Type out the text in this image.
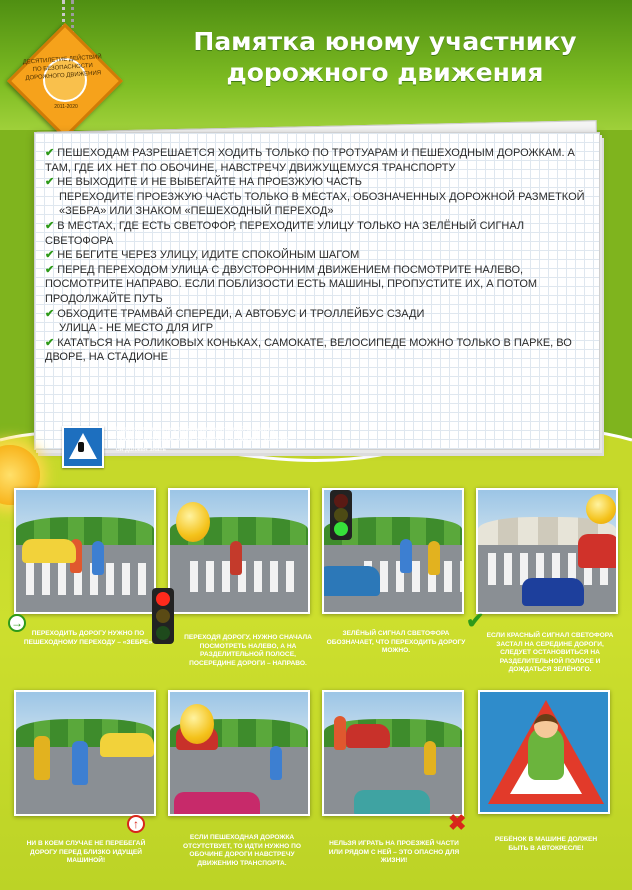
ДЕСЯТИЛЕТИЕ ДЕЙСТВИЙ ПО БЕЗОПАСНОСТИ ДОРОЖНОГО ДВИЖЕНИЯ
2011-2020
Памятка юному участнику
дорожного движения
✔ ПЕШЕХОДАМ РАЗРЕШАЕТСЯ ХОДИТЬ ТОЛЬКО ПО ТРОТУАРАМ И ПЕШЕХОДНЫМ ДОРОЖКАМ. А ТАМ, ГДЕ ИХ НЕТ ПО ОБОЧИНЕ, НАВСТРЕЧУ ДВИЖУЩЕМУСЯ ТРАНСПОРТУ
✔ НЕ ВЫХОДИТЕ И НЕ ВЫБЕГАЙТЕ НА ПРОЕЗЖУЮ ЧАСТЬ
ПЕРЕХОДИТЕ ПРОЕЗЖУЮ ЧАСТЬ ТОЛЬКО В МЕСТАХ, ОБОЗНАЧЕННЫХ ДОРОЖНОЙ РАЗМЕТКОЙ «ЗЕБРА» ИЛИ ЗНАКОМ «ПЕШЕХОДНЫЙ ПЕРЕХОД»
✔ В МЕСТАХ, ГДЕ ЕСТЬ СВЕТОФОР, ПЕРЕХОДИТЕ УЛИЦУ ТОЛЬКО НА ЗЕЛЁНЫЙ СИГНАЛ СВЕТОФОРА
✔ НЕ БЕГИТЕ ЧЕРЕЗ УЛИЦУ, ИДИТЕ СПОКОЙНЫМ ШАГОМ
✔ ПЕРЕД ПЕРЕХОДОМ УЛИЦА С ДВУСТОРОННИМ ДВИЖЕНИЕМ ПОСМОТРИТЕ НАЛЕВО, ПОСМОТРИТЕ НАПРАВО. ЕСЛИ ПОБЛИЗОСТИ ЕСТЬ МАШИНЫ, ПРОПУСТИТЕ ИХ, А ПОТОМ ПРОДОЛЖАЙТЕ ПУТЬ
✔ ОБХОДИТЕ ТРАМВАЙ СПЕРЕДИ, А АВТОБУС И ТРОЛЛЕЙБУС СЗАДИ
УЛИЦА - НЕ МЕСТО ДЛЯ ИГР
✔ КАТАТЬСЯ НА РОЛИКОВЫХ КОНЬКАХ, САМОКАТЕ, ВЕЛОСИПЕДЕ МОЖНО ТОЛЬКО В ПАРКЕ, ВО ДВОРЕ, НА СТАДИОНЕ
Нарисуйте вместе с ребёнком безопасный маршрут. Укажите дорожные знаки, разметку и остановки, которые он должен знать
→
ПЕРЕХОДИТЬ ДОРОГУ НУЖНО ПО ПЕШЕХОДНОМУ ПЕРЕХОДУ – «ЗЕБРЕ»
ПЕРЕХОДЯ ДОРОГУ, НУЖНО СНАЧАЛА ПОСМОТРЕТЬ НАЛЕВО, А НА РАЗДЕЛИТЕЛЬНОЙ ПОЛОСЕ, ПОСЕРЕДИНЕ ДОРОГИ – НАПРАВО.
ЗЕЛЁНЫЙ СИГНАЛ СВЕТОФОРА ОБОЗНАЧАЕТ, ЧТО ПЕРЕХОДИТЬ ДОРОГУ МОЖНО.
✔
ЕСЛИ КРАСНЫЙ СИГНАЛ СВЕТОФОРА ЗАСТАЛ НА СЕРЕДИНЕ ДОРОГИ, СЛЕДУЕТ ОСТАНОВИТЬСЯ НА РАЗДЕЛИТЕЛЬНОЙ ПОЛОСЕ И ДОЖДАТЬСЯ ЗЕЛЁНОГО.
↑	✖
НИ В КОЕМ СЛУЧАЕ НЕ ПЕРЕБЕГАЙ ДОРОГУ ПЕРЕД БЛИЗКО ИДУЩЕЙ МАШИНОЙ!
ЕСЛИ ПЕШЕХОДНАЯ ДОРОЖКА ОТСУТСТВУЕТ, ТО ИДТИ НУЖНО ПО ОБОЧИНЕ ДОРОГИ НАВСТРЕЧУ ДВИЖЕНИЮ ТРАНСПОРТА.
НЕЛЬЗЯ ИГРАТЬ НА ПРОЕЗЖЕЙ ЧАСТИ ИЛИ РЯДОМ С НЕЙ – ЭТО ОПАСНО ДЛЯ ЖИЗНИ!
РЕБЁНОК В МАШИНЕ ДОЛЖЕН БЫТЬ В АВТОКРЕСЛЕ!
